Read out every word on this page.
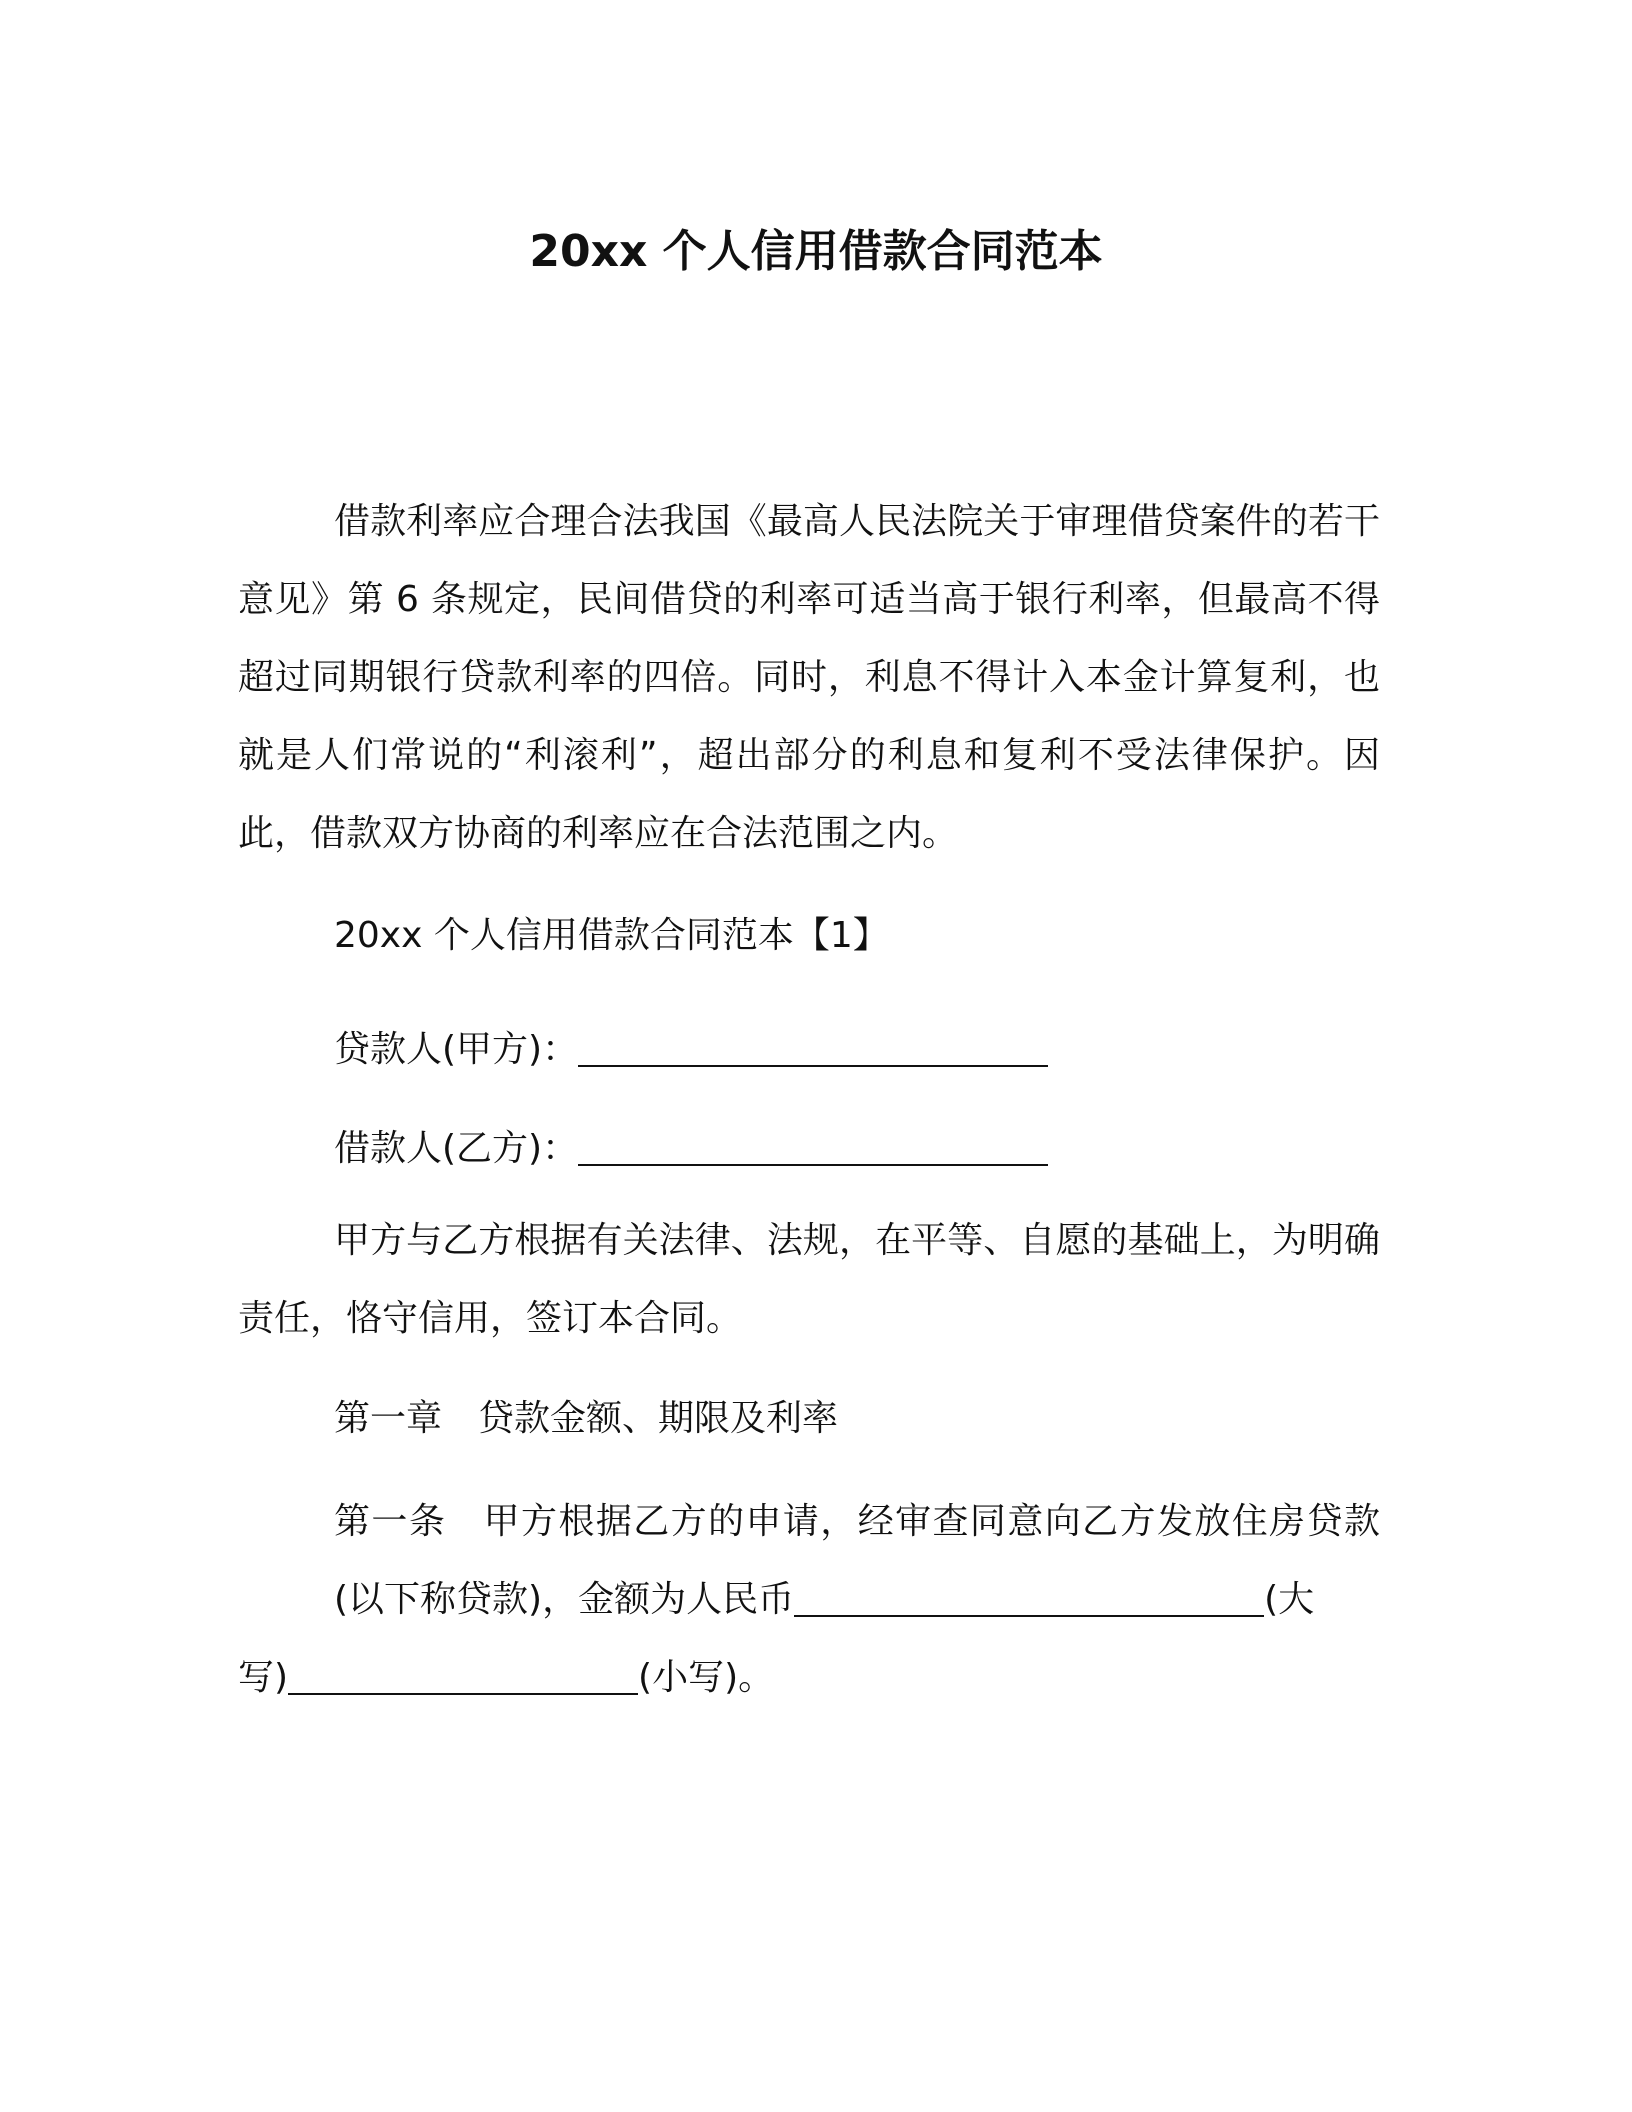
20xx 个人信用借款合同范本

借款利率应合理合法我国《最高人民法院关于审理借贷案件的若干意见》第 6 条规定，民间借贷的利率可适当高于银行利率，但最高不得超过同期银行贷款利率的四倍。同时，利息不得计入本金计算复利，也就是人们常说的“利滚利”，超出部分的利息和复利不受法律保护。因此，借款双方协商的利率应在合法范围之内。

20xx 个人信用借款合同范本【1】
贷款人(甲方)：
借款人(乙方)：

甲方与乙方根据有关法律、法规，在平等、自愿的基础上，为明确责任，恪守信用，签订本合同。

第一章　贷款金额、期限及利率
第一条　甲方根据乙方的申请，经审查同意向乙方发放住房贷款(以下称贷款)，金额为人民币	(大
写)	(小写)。
